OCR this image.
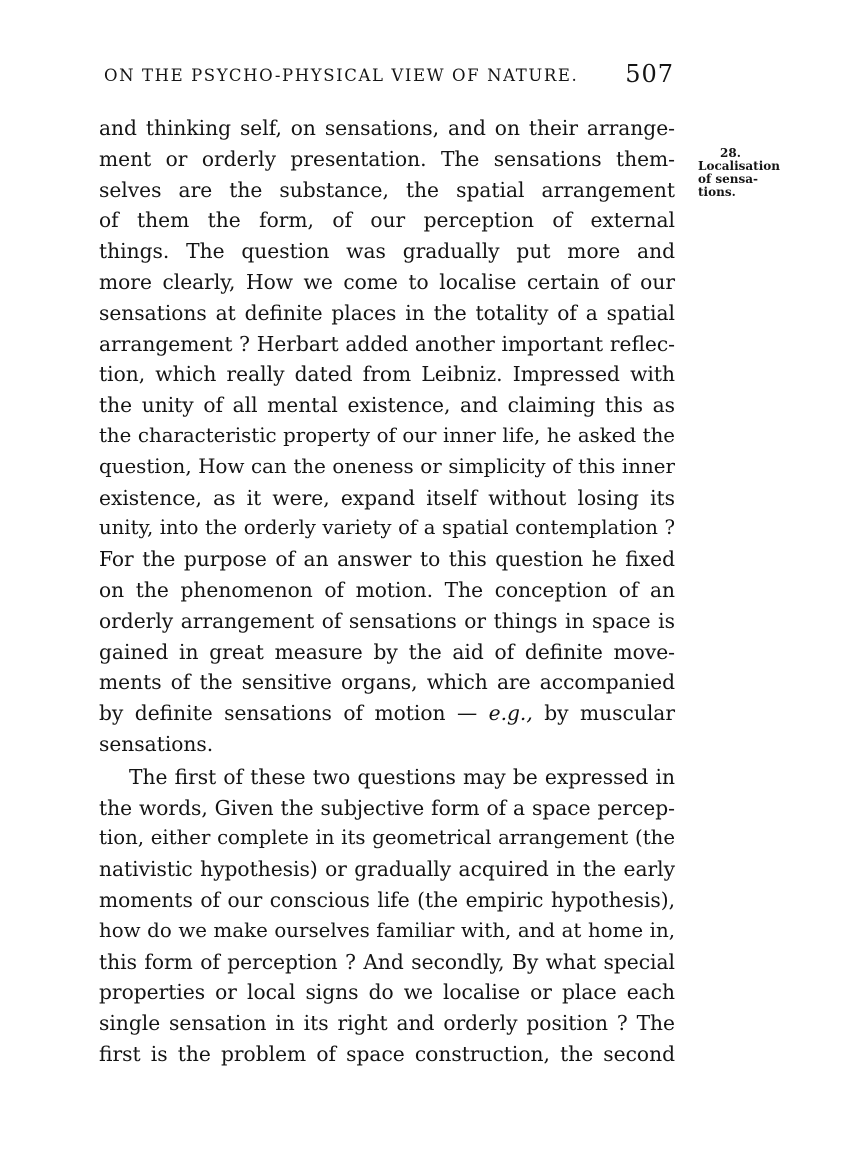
ON THE PSYCHO-PHYSICAL VIEW OF NATURE. 507
28.
Localisation
of sensa-
tions.
and thinking self, on sensations, and on their arrange-
ment or orderly presentation. The sensations them-
selves are the substance, the spatial arrangement
of them the form, of our perception of external
things. The question was gradually put more and
more clearly, How we come to localise certain of our
sensations at definite places in the totality of a spatial
arrangement ? Herbart added another important reflec-
tion, which really dated from Leibniz. Impressed with
the unity of all mental existence, and claiming this as
the characteristic property of our inner life, he asked the
question, How can the oneness or simplicity of this inner
existence, as it were, expand itself without losing its
unity, into the orderly variety of a spatial contemplation ?
For the purpose of an answer to this question he fixed
on the phenomenon of motion. The conception of an
orderly arrangement of sensations or things in space is
gained in great measure by the aid of definite move-
ments of the sensitive organs, which are accompanied
by definite sensations of motion — e.g., by muscular
sensations.
The first of these two questions may be expressed in
the words, Given the subjective form of a space percep-
tion, either complete in its geometrical arrangement (the
nativistic hypothesis) or gradually acquired in the early
moments of our conscious life (the empiric hypothesis),
how do we make ourselves familiar with, and at home in,
this form of perception ? And secondly, By what special
properties or local signs do we localise or place each
single sensation in its right and orderly position ? The
first is the problem of space construction, the second
